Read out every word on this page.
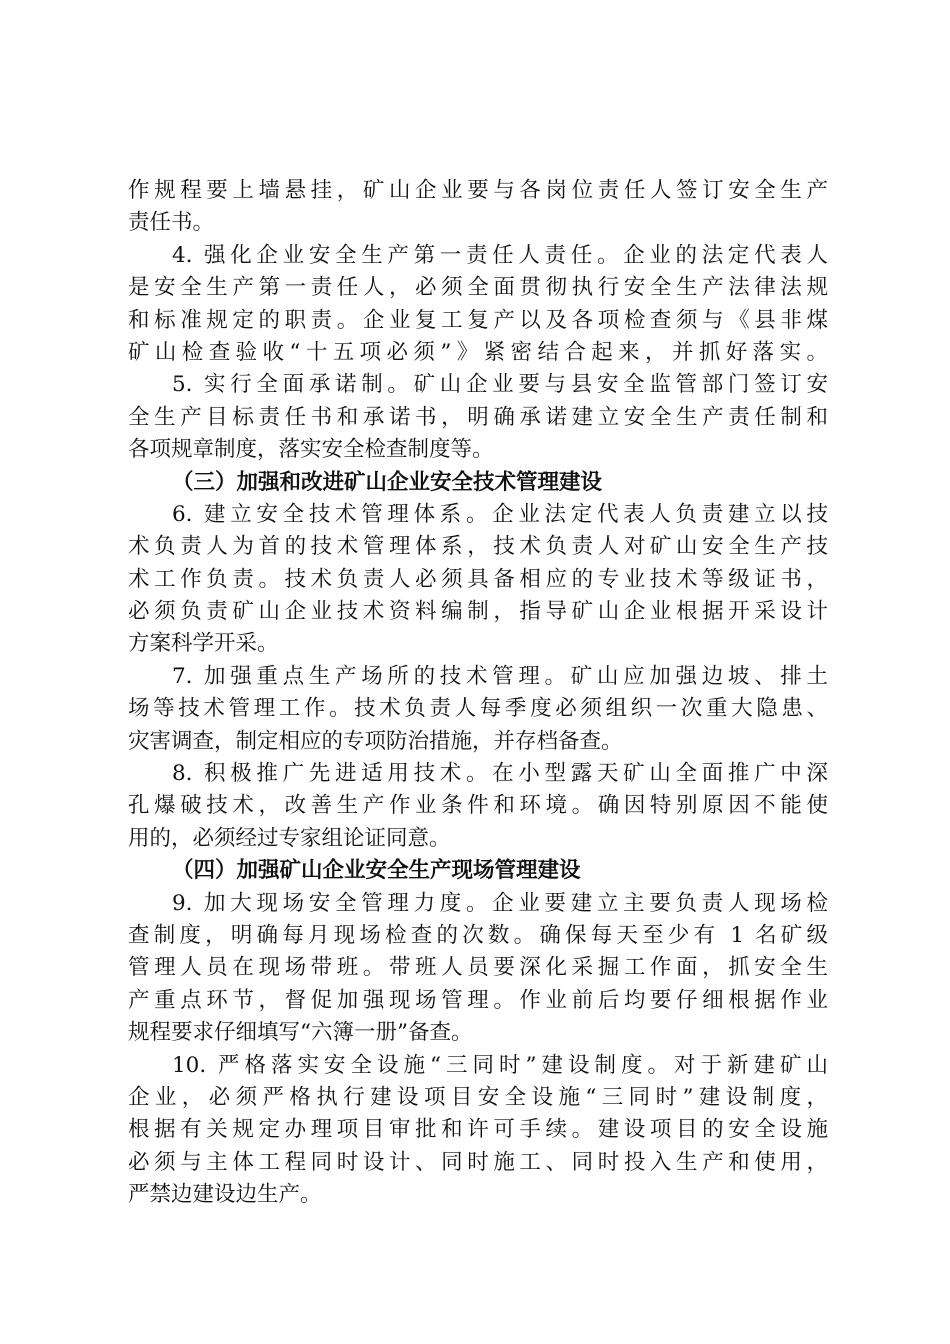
作规程要上墙悬挂，矿山企业要与各岗位责任人签订安全生产
责任书。
4. 强化企业安全生产第一责任人责任。企业的法定代表人
是安全生产第一责任人，必须全面贯彻执行安全生产法律法规
和标准规定的职责。企业复工复产以及各项检查须与《县非煤
矿山检查验收“十五项必须”》紧密结合起来，并抓好落实。
5. 实行全面承诺制。矿山企业要与县安全监管部门签订安
全生产目标责任书和承诺书，明确承诺建立安全生产责任制和
各项规章制度，落实安全检查制度等。
（三）加强和改进矿山企业安全技术管理建设
6. 建立安全技术管理体系。企业法定代表人负责建立以技
术负责人为首的技术管理体系，技术负责人对矿山安全生产技
术工作负责。技术负责人必须具备相应的专业技术等级证书，
必须负责矿山企业技术资料编制，指导矿山企业根据开采设计
方案科学开采。
7. 加强重点生产场所的技术管理。矿山应加强边坡、排土
场等技术管理工作。技术负责人每季度必须组织一次重大隐患、
灾害调查，制定相应的专项防治措施，并存档备查。
8. 积极推广先进适用技术。在小型露天矿山全面推广中深
孔爆破技术，改善生产作业条件和环境。确因特别原因不能使
用的，必须经过专家组论证同意。
（四）加强矿山企业安全生产现场管理建设
9. 加大现场安全管理力度。企业要建立主要负责人现场检
查制度，明确每月现场检查的次数。确保每天至少有 1 名矿级
管理人员在现场带班。带班人员要深化采掘工作面，抓安全生
产重点环节，督促加强现场管理。作业前后均要仔细根据作业
规程要求仔细填写“六簿一册”备查。
10. 严格落实安全设施“三同时”建设制度。对于新建矿山
企业，必须严格执行建设项目安全设施“三同时”建设制度，
根据有关规定办理项目审批和许可手续。建设项目的安全设施
必须与主体工程同时设计、同时施工、同时投入生产和使用，
严禁边建设边生产。
